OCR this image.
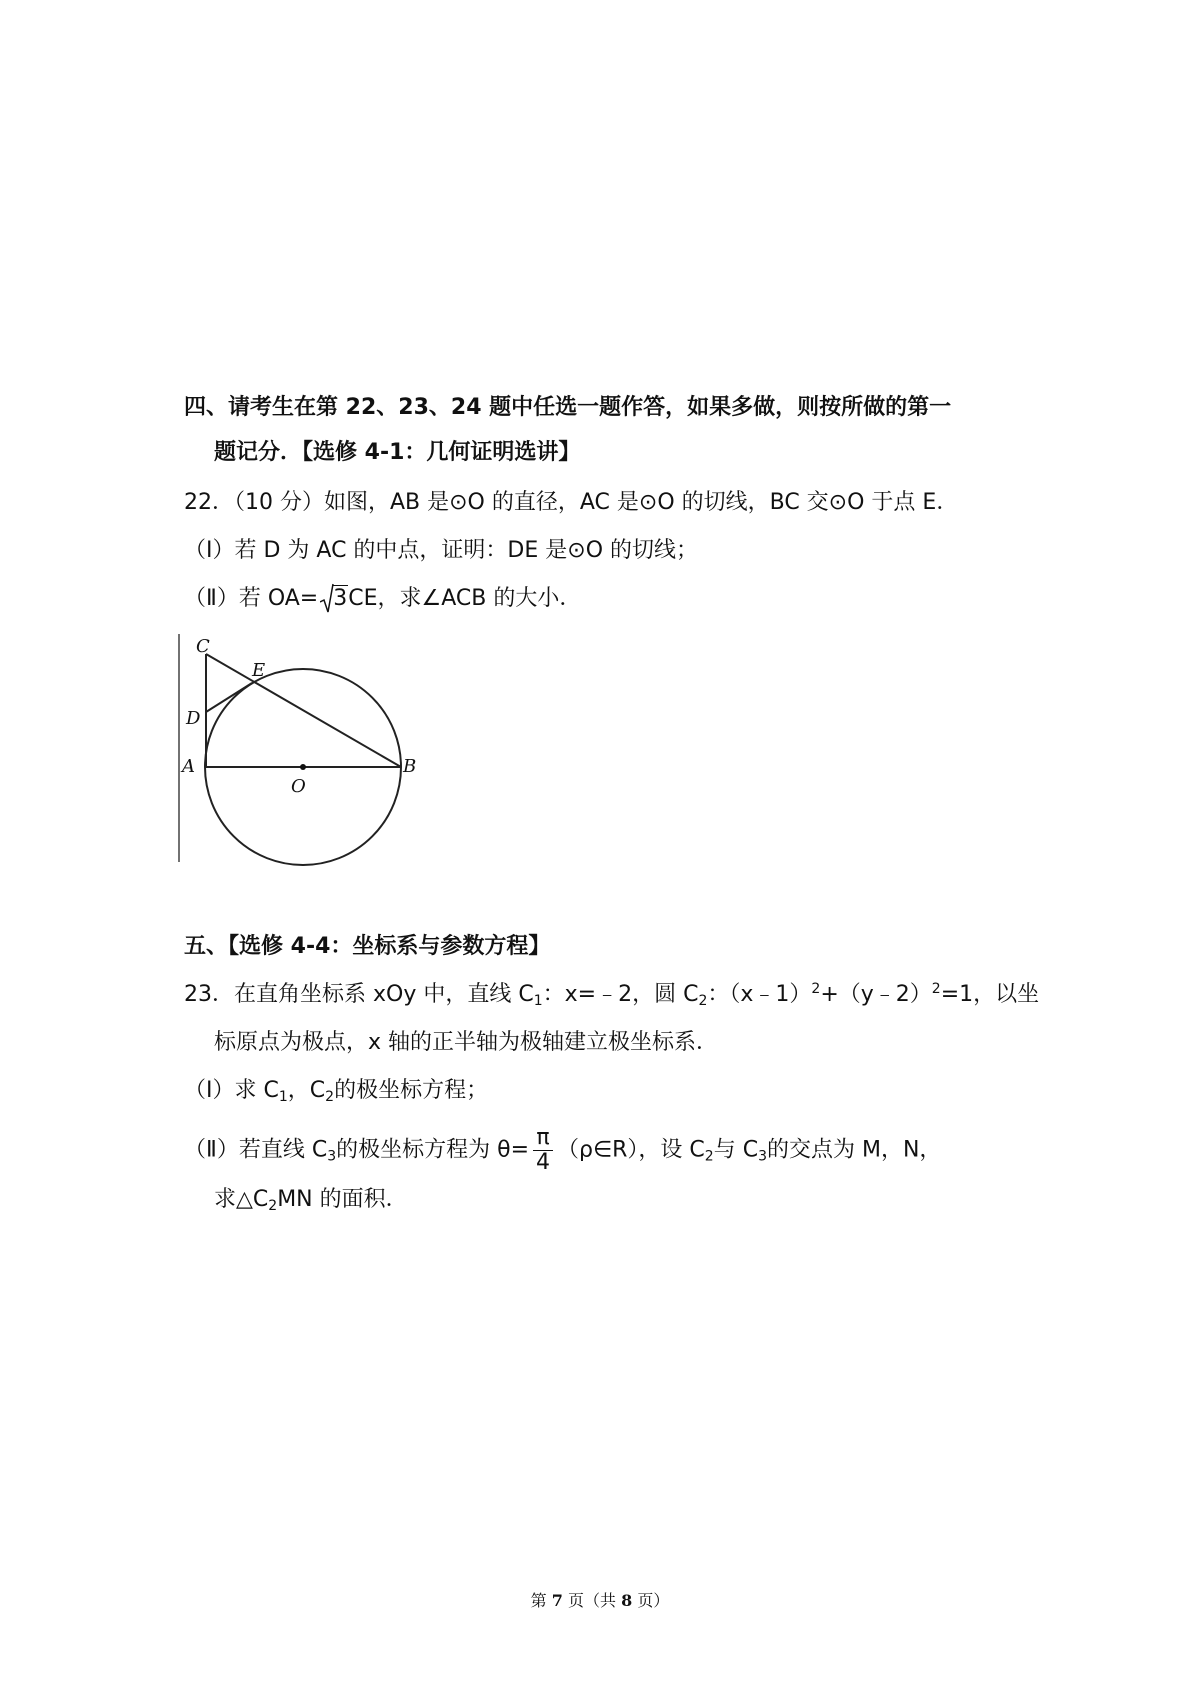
四、请考生在第 22、23、24 题中任选一题作答，如果多做，则按所做的第一
题记分．【选修 4-1：几何证明选讲】
22．（10 分）如图，AB 是⊙O 的直径，AC 是⊙O 的切线，BC 交⊙O 于点 E．
（Ⅰ）若 D 为 AC 的中点，证明：DE 是⊙O 的切线；
（Ⅱ）若 OA= 3CE，求∠ACB 的大小．
C
E
D
A
O
B
五、【选修 4-4：坐标系与参数方程】
23．在直角坐标系 xOy 中，直线 $C_1$：x=﹣2，圆 $C_2$：（x﹣1）$^2$+（y﹣2）$^2$=1，以坐
标原点为极点，x 轴的正半轴为极轴建立极坐标系．
（Ⅰ）求 $C_1$，$C_2$的极坐标方程；
（Ⅱ）若直线 $C_3$的极坐标方程为 $\theta= \frac{\pi}{4}$ （ρ∈R），设 $C_2$与 $C_3$的交点为 M，N，
求$\triangle C_2MN$ 的面积．
第 7 页（共 8 页）
